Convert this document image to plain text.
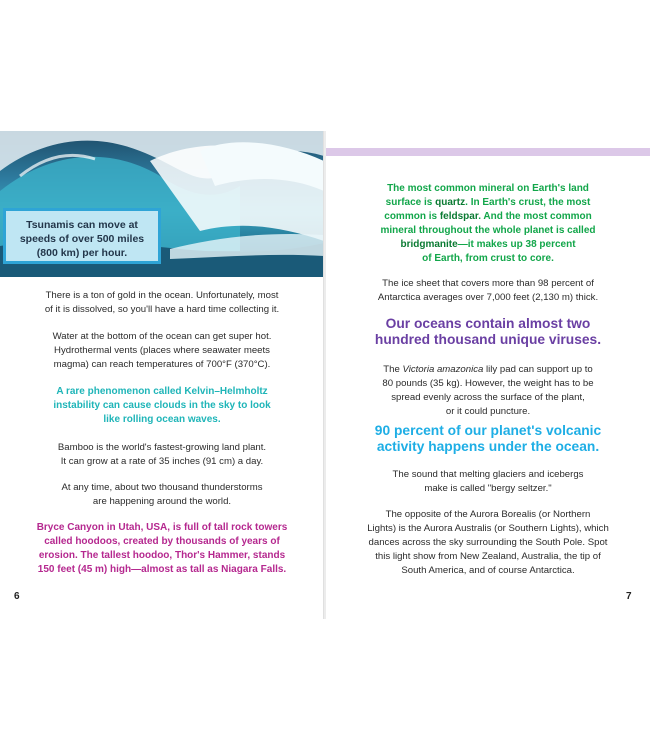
Tsunamis can move at speeds of over 500 miles (800 km) per hour.
There is a ton of gold in the ocean. Unfortunately, most
of it is dissolved, so you'll have a hard time collecting it.
Water at the bottom of the ocean can get super hot.
Hydrothermal vents (places where seawater meets
magma) can reach temperatures of 700°F (370°C).
A rare phenomenon called Kelvin–Helmholtz
instability can cause clouds in the sky to look
like rolling ocean waves.
Bamboo is the world's fastest-growing land plant.
It can grow at a rate of 35 inches (91 cm) a day.
At any time, about two thousand thunderstorms
are happening around the world.
Bryce Canyon in Utah, USA, is full of tall rock towers
called hoodoos, created by thousands of years of
erosion. The tallest hoodoo, Thor's Hammer, stands
150 feet (45 m) high—almost as tall as Niagara Falls.
6
The most common mineral on Earth's land
surface is quartz. In Earth's crust, the most
common is feldspar. And the most common
mineral throughout the whole planet is called
bridgmanite—it makes up 38 percent
of Earth, from crust to core.
The ice sheet that covers more than 98 percent of
Antarctica averages over 7,000 feet (2,130 m) thick.
Our oceans contain almost two
hundred thousand unique viruses.
The Victoria amazonica lily pad can support up to
80 pounds (35 kg). However, the weight has to be
spread evenly across the surface of the plant,
or it could puncture.
90 percent of our planet's volcanic
activity happens under the ocean.
The sound that melting glaciers and icebergs
make is called "bergy seltzer."
The opposite of the Aurora Borealis (or Northern
Lights) is the Aurora Australis (or Southern Lights), which
dances across the sky surrounding the South Pole. Spot
this light show from New Zealand, Australia, the tip of
South America, and of course Antarctica.
7
